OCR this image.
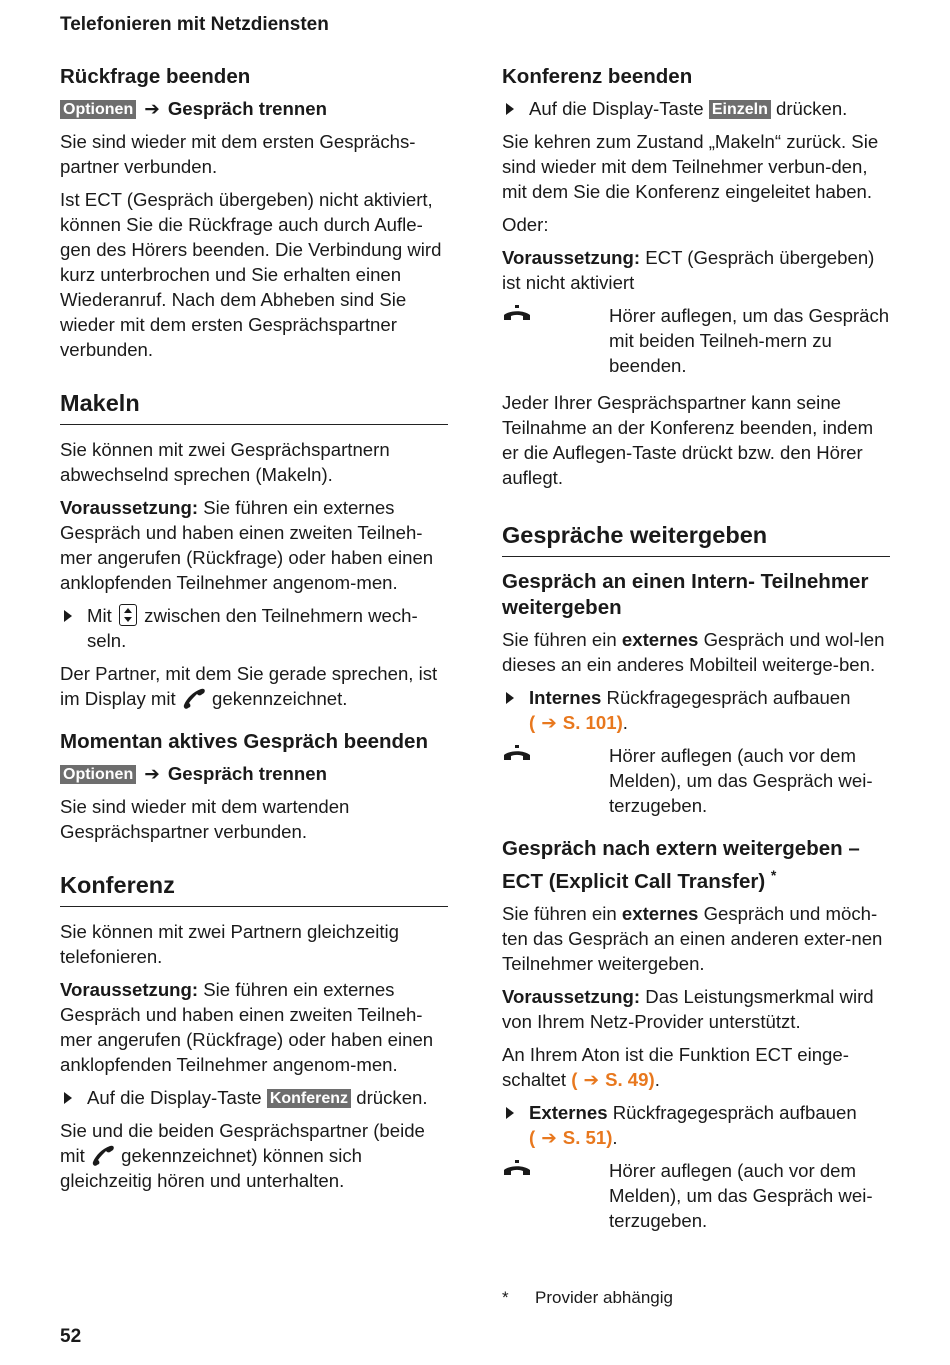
Telefonieren mit Netzdiensten
Rückfrage beenden

Optionen ➔ Gespräch trennen

Sie sind wieder mit dem ersten Gesprächs-partner verbunden.

Ist ECT (Gespräch übergeben) nicht aktiviert, können Sie die Rückfrage auch durch Aufle-gen des Hörers beenden. Die Verbindung wird kurz unterbrochen und Sie erhalten einen Wiederanruf. Nach dem Abheben sind Sie wieder mit dem ersten Gesprächspartner verbunden.

Makeln

Sie können mit zwei Gesprächspartnern abwechselnd sprechen (Makeln).

Voraussetzung: Sie führen ein externes Gespräch und haben einen zweiten Teilneh-mer angerufen (Rückfrage) oder haben einen anklopfenden Teilnehmer angenom-men.

Mit zwischen den Teilnehmern wech-seln.

Der Partner, mit dem Sie gerade sprechen, ist im Display mit gekennzeichnet.

Momentan aktives Gespräch beenden

Optionen ➔ Gespräch trennen

Sie sind wieder mit dem wartenden Gesprächspartner verbunden.

Konferenz

Sie können mit zwei Partnern gleichzeitig telefonieren.

Voraussetzung: Sie führen ein externes Gespräch und haben einen zweiten Teilneh-mer angerufen (Rückfrage) oder haben einen anklopfenden Teilnehmer angenom-men.

Auf die Display-Taste Konferenz drücken.

Sie und die beiden Gesprächspartner (beide mit gekennzeichnet) können sich gleichzeitig hören und unterhalten.

Konferenz beenden
Auf die Display-Taste Einzeln drücken.

Sie kehren zum Zustand „Makeln“ zurück. Sie sind wieder mit dem Teilnehmer verbun-den, mit dem Sie die Konferenz eingeleitet haben.

Oder:

Voraussetzung: ECT (Gespräch übergeben) ist nicht aktiviert

Hörer auflegen, um das Gespräch mit beiden Teilneh-mern zu beenden.

Jeder Ihrer Gesprächspartner kann seine Teilnahme an der Konferenz beenden, indem er die Auflegen-Taste drückt bzw. den Hörer auflegt.

Gespräche weitergeben
Gespräch an einen Intern- Teilnehmer weitergeben

Sie führen ein externes Gespräch und wol-len dieses an ein anderes Mobilteil weiterge-ben.

Internes Rückfragegespräch aufbauen
( ➔ S. 101).
Hörer auflegen (auch vor dem Melden), um das Gespräch wei-terzugeben.
Gespräch nach extern weitergeben – ECT (Explicit Call Transfer) *

Sie führen ein externes Gespräch und möch-ten das Gespräch an einen anderen exter-nen Teilnehmer weitergeben.

Voraussetzung: Das Leistungsmerkmal wird von Ihrem Netz-Provider unterstützt.

An Ihrem Aton ist die Funktion ECT einge-schaltet ( ➔ S. 49).

Externes Rückfragegespräch aufbauen
( ➔ S. 51).
Hörer auflegen (auch vor dem Melden), um das Gespräch wei-terzugeben.
* Provider abhängig
52
